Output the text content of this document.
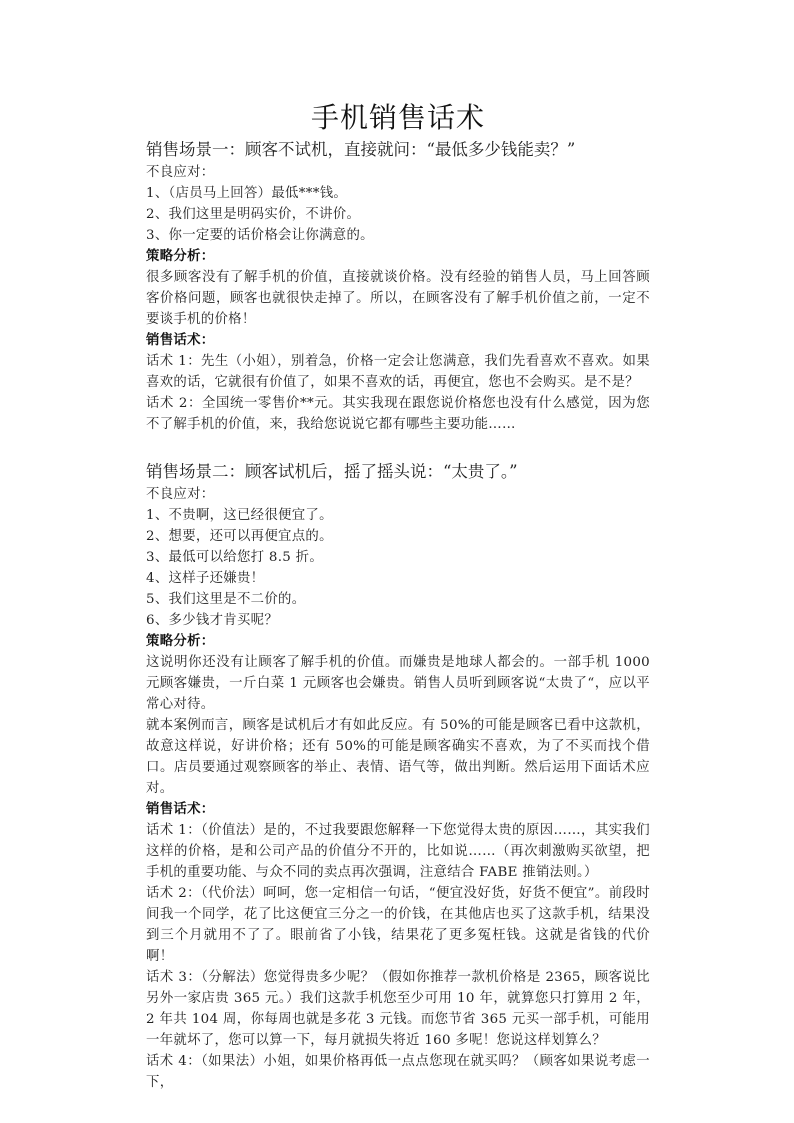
手机销售话术

销售场景一：顾客不试机，直接就问：“最低多少钱能卖？”

不良应对：

1、（店员马上回答）最低***钱。

2、我们这里是明码实价，不讲价。

3、你一定要的话价格会让你满意的。

策略分析：

很多顾客没有了解手机的价值，直接就谈价格。没有经验的销售人员，马上回答顾客价格问题，顾客也就很快走掉了。所以，在顾客没有了解手机价值之前，一定不要谈手机的价格！

销售话术：

话术 1：先生（小姐），别着急，价格一定会让您满意，我们先看喜欢不喜欢。如果喜欢的话，它就很有价值了，如果不喜欢的话，再便宜，您也不会购买。是不是？

话术 2：全国统一零售价**元。其实我现在跟您说价格您也没有什么感觉，因为您不了解手机的价值，来，我给您说说它都有哪些主要功能……

销售场景二：顾客试机后，摇了摇头说：“太贵了。”

不良应对：

1、不贵啊，这已经很便宜了。

2、想要，还可以再便宜点的。

3、最低可以给您打 8.5 折。

4、这样子还嫌贵！

5、我们这里是不二价的。

6、多少钱才肯买呢？

策略分析：

这说明你还没有让顾客了解手机的价值。而嫌贵是地球人都会的。一部手机 1000 元顾客嫌贵，一斤白菜 1 元顾客也会嫌贵。销售人员听到顾客说“太贵了“，应以平常心对待。

就本案例而言，顾客是试机后才有如此反应。有 50%的可能是顾客已看中这款机，故意这样说，好讲价格；还有 50%的可能是顾客确实不喜欢，为了不买而找个借口。店员要通过观察顾客的举止、表情、语气等，做出判断。然后运用下面话术应对。

销售话术：

话术 1：（价值法）是的，不过我要跟您解释一下您觉得太贵的原因……，其实我们这样的价格，是和公司产品的价值分不开的，比如说……（再次刺激购买欲望，把手机的重要功能、与众不同的卖点再次强调，注意结合 FABE 推销法则。）

话术 2：（代价法）呵呵，您一定相信一句话，“便宜没好货，好货不便宜”。前段时间我一个同学，花了比这便宜三分之一的价钱，在其他店也买了这款手机，结果没到三个月就用不了了。眼前省了小钱，结果花了更多冤枉钱。这就是省钱的代价啊！

话术 3：（分解法）您觉得贵多少呢？（假如你推荐一款机价格是 2365，顾客说比另外一家店贵 365 元。）我们这款手机您至少可用 10 年，就算您只打算用 2 年，2 年共 104 周，你每周也就是多花 3 元钱。而您节省 365 元买一部手机，可能用一年就坏了，您可以算一下，每月就损失将近 160 多呢！您说这样划算么？

话术 4：（如果法）小姐，如果价格再低一点点您现在就买吗？（顾客如果说考虑一下，
